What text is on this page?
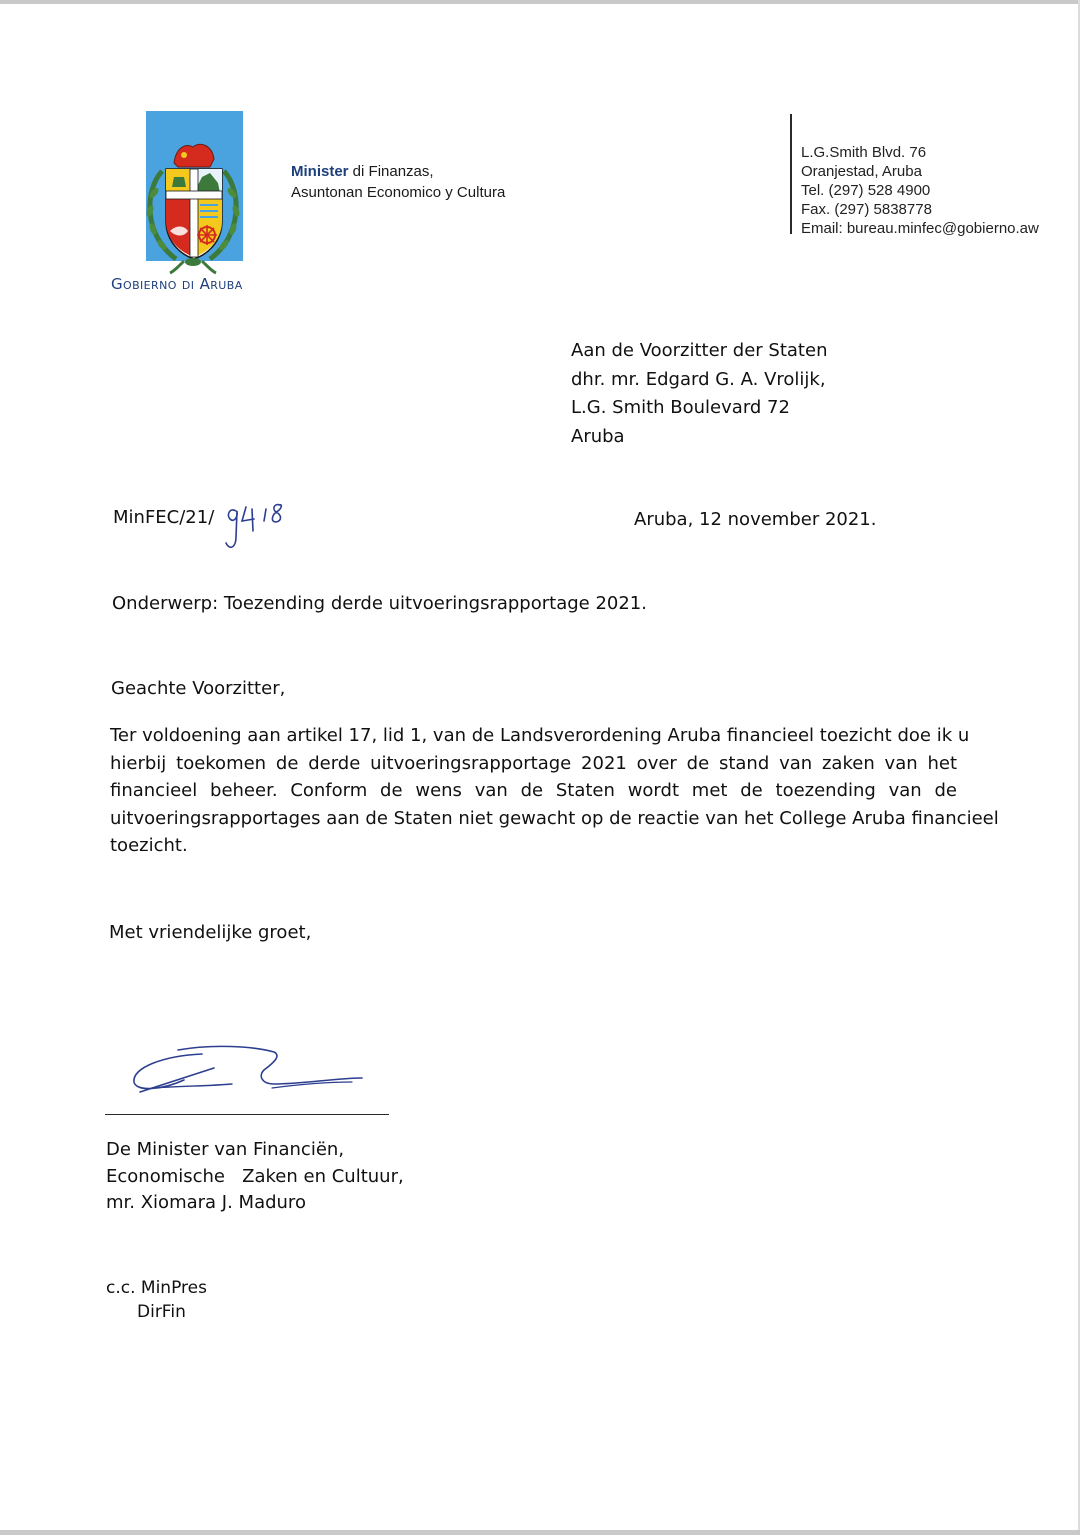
Gobierno di Aruba
Minister di Finanzas,
Asuntonan Economico y Cultura
L.G.Smith Blvd. 76
Oranjestad, Aruba
Tel. (297) 528 4900
Fax. (297) 5838778
Email: bureau.minfec@gobierno.aw
Aan de Voorzitter der Staten
dhr. mr. Edgard G. A. Vrolijk,
L.G. Smith Boulevard 72
Aruba
MinFEC/21/	Aruba, 12 november 2021.
Onderwerp: Toezending derde uitvoeringsrapportage 2021.
Geachte Voorzitter,
Ter voldoening aan artikel 17, lid 1, van de Landsverordening Aruba financieel toezicht doe ik u
hierbij toekomen de derde uitvoeringsrapportage 2021 over de stand van zaken van het
financieel beheer. Conform de wens van de Staten wordt met de toezending van de
uitvoeringsrapportages aan de Staten niet gewacht op de reactie van het College Aruba financieel
toezicht.
Met vriendelijke groet,
De Minister van Financiën,
Economische   Zaken en Cultuur,
mr. Xiomara J. Maduro
c.c. MinPres
DirFin
